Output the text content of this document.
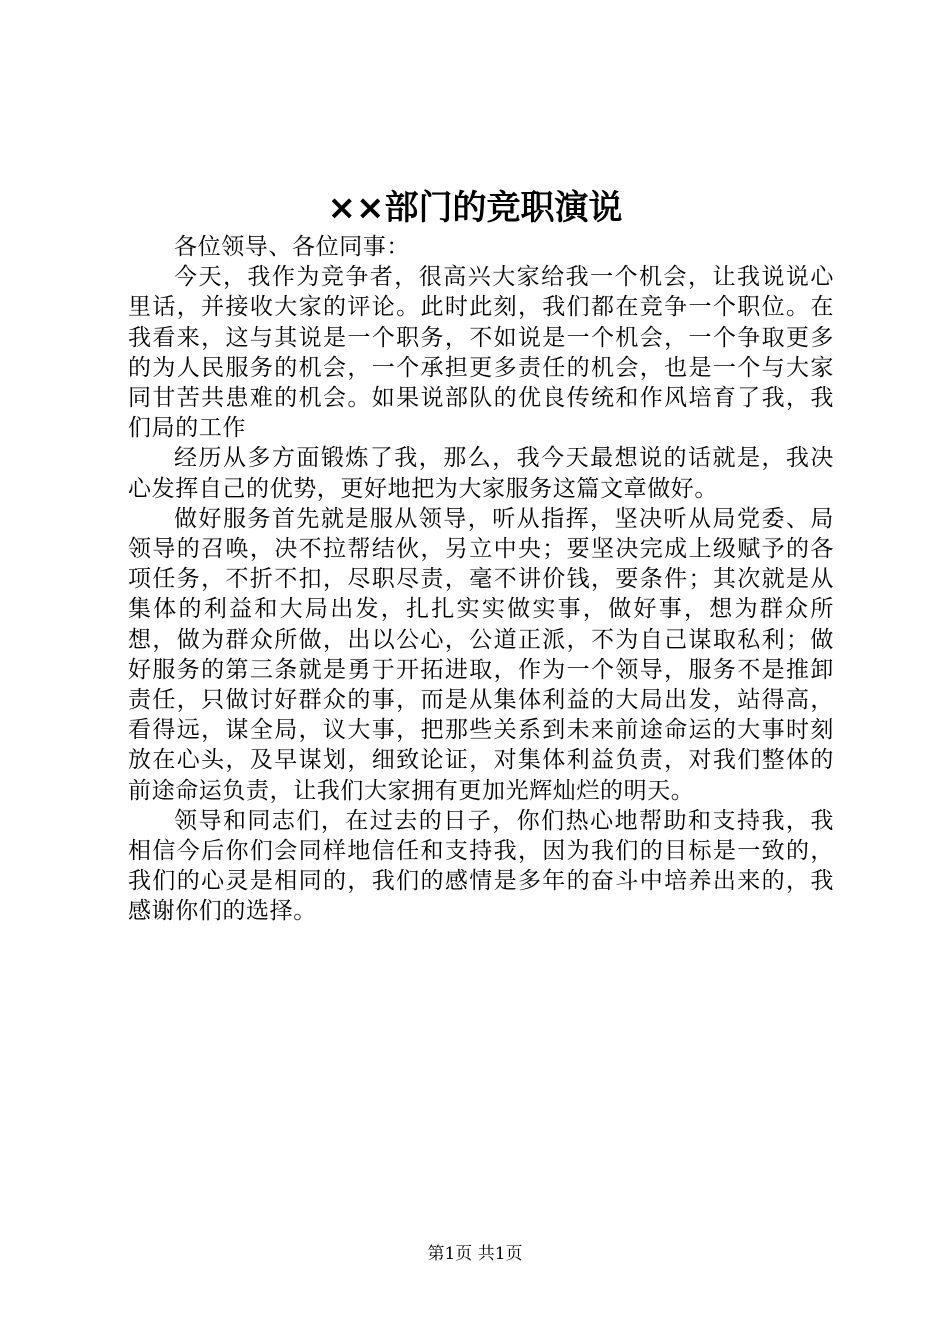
××部门的竞职演说

各位领导、各位同事：

今天，我作为竞争者，很高兴大家给我一个机会，让我说说心里话，并接收大家的评论。此时此刻，我们都在竞争一个职位。在我看来，这与其说是一个职务，不如说是一个机会，一个争取更多的为人民服务的机会，一个承担更多责任的机会，也是一个与大家同甘苦共患难的机会。如果说部队的优良传统和作风培育了我，我们局的工作

经历从多方面锻炼了我，那么，我今天最想说的话就是，我决心发挥自己的优势，更好地把为大家服务这篇文章做好。

做好服务首先就是服从领导，听从指挥，坚决听从局党委、局领导的召唤，决不拉帮结伙，另立中央；要坚决完成上级赋予的各项任务，不折不扣，尽职尽责，毫不讲价钱，要条件；其次就是从集体的利益和大局出发，扎扎实实做实事，做好事，想为群众所想，做为群众所做，出以公心，公道正派，不为自己谋取私利；做好服务的第三条就是勇于开拓进取，作为一个领导，服务不是推卸责任，只做讨好群众的事，而是从集体利益的大局出发，站得高，看得远，谋全局，议大事，把那些关系到未来前途命运的大事时刻放在心头，及早谋划，细致论证，对集体利益负责，对我们整体的前途命运负责，让我们大家拥有更加光辉灿烂的明天。

领导和同志们，在过去的日子，你们热心地帮助和支持我，我相信今后你们会同样地信任和支持我，因为我们的目标是一致的，我们的心灵是相同的，我们的感情是多年的奋斗中培养出来的，我感谢你们的选择。

第1页 共1页
